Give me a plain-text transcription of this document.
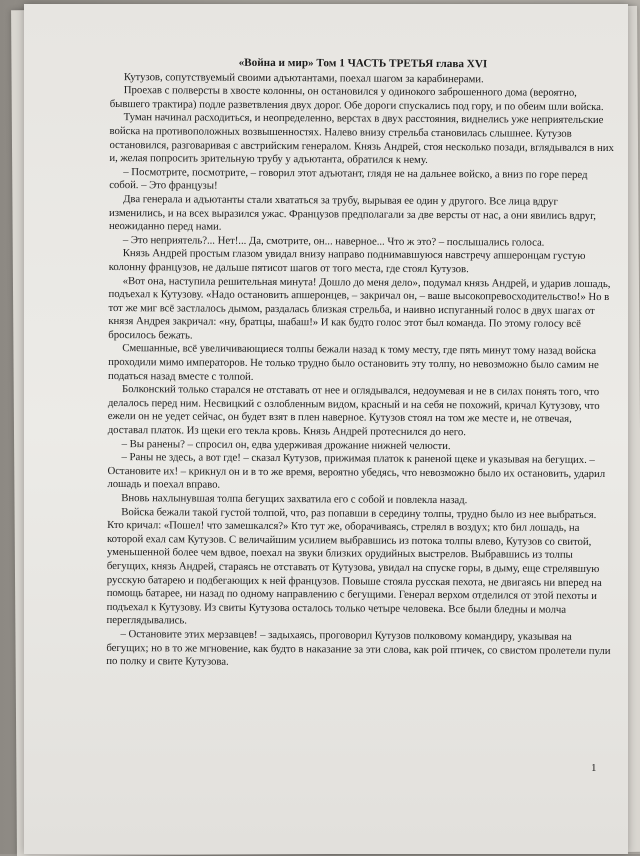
«Война и мир» Том 1 ЧАСТЬ ТРЕТЬЯ глава XVI

Кутузов, сопутствуемый своими адъютантами, поехал шагом за карабинерами.

Проехав с полверсты в хвосте колонны, он остановился у одинокого заброшенного дома (вероятно, бывшего трактира) подле разветвления двух дорог. Обе дороги спускались под гору, и по обеим шли войска.

Туман начинал расходиться, и неопределенно, верстах в двух расстояния, виднелись уже неприятельские войска на противоположных возвышенностях. Налево внизу стрельба становилась слышнее. Кутузов остановился, разговаривая с австрийским генералом. Князь Андрей, стоя несколько позади, вглядывался в них и, желая попросить зрительную трубу у адъютанта, обратился к нему.

– Посмотрите, посмотрите, – говорил этот адъютант, глядя не на дальнее войско, а вниз по горе перед собой. – Это французы!

Два генерала и адъютанты стали хвататься за трубу, вырывая ее один у другого. Все лица вдруг изменились, и на всех выразился ужас. Французов предполагали за две версты от нас, а они явились вдруг, неожиданно перед нами.

– Это неприятель?... Нет!... Да, смотрите, он... наверное... Что ж это? – послышались голоса.

Князь Андрей простым глазом увидал внизу направо поднимавшуюся навстречу апшеронцам густую колонну французов, не дальше пятисот шагов от того места, где стоял Кутузов.

«Вот она, наступила решительная минута! Дошло до меня дело», подумал князь Андрей, и ударив лошадь, подъехал к Кутузову. «Надо остановить апшеронцев, – закричал он, – ваше высокопревосходительство!» Но в тот же миг всё застлалось дымом, раздалась близкая стрельба, и наивно испуганный голос в двух шагах от князя Андрея закричал: «ну, братцы, шабаш!» И как будто голос этот был команда. По этому голосу всё бросилось бежать.

Смешанные, всё увеличивающиеся толпы бежали назад к тому месту, где пять минут тому назад войска проходили мимо императоров. Не только трудно было остановить эту толпу, но невозможно было самим не податься назад вместе с толпой.

Болконский только старался не отставать от нее и оглядывался, недоумевая и не в силах понять того, что делалось перед ним. Несвицкий с озлобленным видом, красный и на себя не похожий, кричал Кутузову, что ежели он не уедет сейчас, он будет взят в плен наверное. Кутузов стоял на том же месте и, не отвечая, доставал платок. Из щеки его текла кровь. Князь Андрей протеснился до него.

– Вы ранены? – спросил он, едва удерживая дрожание нижней челюсти.

– Раны не здесь, а вот где! – сказал Кутузов, прижимая платок к раненой щеке и указывая на бегущих. – Остановите их! – крикнул он и в то же время, вероятно убедясь, что невозможно было их остановить, ударил лошадь и поехал вправо.

Вновь нахлынувшая толпа бегущих захватила его с собой и повлекла назад.

Войска бежали такой густой толпой, что, раз попавши в середину толпы, трудно было из нее выбраться. Кто кричал: «Пошел! что замешкался?» Кто тут же, оборачиваясь, стрелял в воздух; кто бил лошадь, на которой ехал сам Кутузов. С величайшим усилием выбравшись из потока толпы влево, Кутузов со свитой, уменьшенной более чем вдвое, поехал на звуки близких орудийных выстрелов. Выбравшись из толпы бегущих, князь Андрей, стараясь не отставать от Кутузова, увидал на спуске горы, в дыму, еще стрелявшую русскую батарею и подбегающих к ней французов. Повыше стояла русская пехота, не двигаясь ни вперед на помощь батарее, ни назад по одному направлению с бегущими. Генерал верхом отделился от этой пехоты и подъехал к Кутузову. Из свиты Кутузова осталось только четыре человека. Все были бледны и молча переглядывались.

– Остановите этих мерзавцев! – задыхаясь, проговорил Кутузов полковому командиру, указывая на бегущих; но в то же мгновение, как будто в наказание за эти слова, как рой птичек, со свистом пролетели пули по полку и свите Кутузова.

1
